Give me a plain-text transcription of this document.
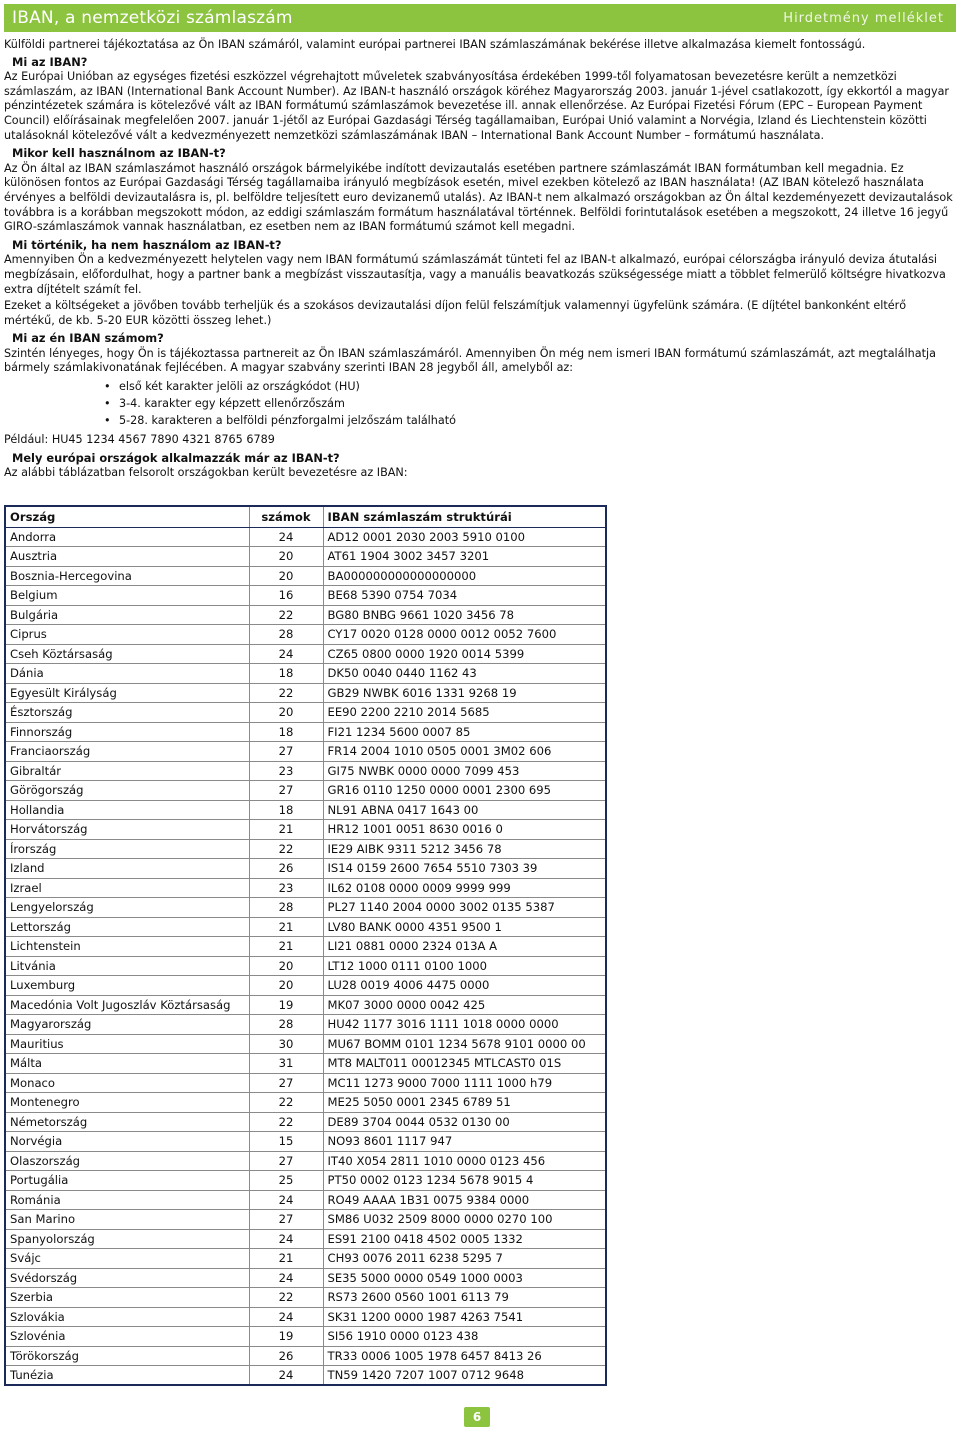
IBAN, a nemzetközi számlaszám	Hirdetmény melléklet

Külföldi partnerei tájékoztatása az Ön IBAN számáról, valamint európai partnerei IBAN számlaszámának bekérése illetve alkalmazása kiemelt fontosságú.

Mi az IBAN?

Az Európai Unióban az egységes fizetési eszközzel végrehajtott műveletek szabványosítása érdekében 1999-től folyamatosan bevezetésre került a nemzetközi számlaszám, az IBAN (International Bank Account Number). Az IBAN-t használó országok köréhez Magyarország 2003. január 1-jével csatlakozott, így ekkortól a magyar pénzintézetek számára is kötelezővé vált az IBAN formátumú számlaszámok bevezetése ill. annak ellenőrzése. Az Európai Fizetési Fórum (EPC – European Payment Council) előírásainak megfelelően 2007. január 1-jétől az Európai Gazdasági Térség tagállamaiban, Európai Unió valamint a Norvégia, Izland és Liechtenstein közötti utalásoknál kötelezővé vált a kedvezményezett nemzetközi számlaszámának IBAN – International Bank Account Number – formátumú használata.

Mikor kell használnom az IBAN-t?

Az Ön által az IBAN számlaszámot használó országok bármelyikébe indított devizautalás esetében partnere számlaszámát IBAN formátumban kell megadnia. Ez különösen fontos az Európai Gazdasági Térség tagállamaiba irányuló megbízások esetén, mivel ezekben kötelező az IBAN használata! (AZ IBAN kötelező használata érvényes a belföldi devizautalásra is, pl. belföldre teljesített euro devizanemű utalás). Az IBAN-t nem alkalmazó országokban az Ön által kezdeményezett devizautalások továbbra is a korábban megszokott módon, az eddigi számlaszám formátum használatával történnek. Belföldi forintutalások esetében a megszokott, 24 illetve 16 jegyű GIRO-számlaszámok vannak használatban, ez esetben nem az IBAN formátumú számot kell megadni.

Mi történik, ha nem használom az IBAN-t?

Amennyiben Ön a kedvezményezett helytelen vagy nem IBAN formátumú számlaszámát tünteti fel az IBAN-t alkalmazó, európai célországba irányuló deviza átutalási megbízásain, előfordulhat, hogy a partner bank a megbízást visszautasítja, vagy a manuális beavatkozás szükségessége miatt a többlet felmerülő költségre hivatkozva extra díjtételt számít fel.

Ezeket a költségeket a jövőben tovább terheljük és a szokásos devizautalási díjon felül felszámítjuk valamennyi ügyfelünk számára. (E díjtétel bankonként eltérő mértékű, de kb. 5-20 EUR közötti összeg lehet.)

Mi az én IBAN számom?

Szintén lényeges, hogy Ön is tájékoztassa partnereit az Ön IBAN számlaszámáról. Amennyiben Ön még nem ismeri IBAN formátumú számlaszámát, azt megtalálhatja bármely számlakivonatának fejlécében. A magyar szabvány szerinti IBAN 28 jegyből áll, amelyből az:

• első két karakter jelöli az országkódot (HU)
• 3-4. karakter egy képzett ellenőrzőszám
• 5-28. karakteren a belföldi pénzforgalmi jelzőszám található

Például: HU45 1234 4567 7890 4321 8765 6789

Mely európai országok alkalmazzák már az IBAN-t?

Az alábbi táblázatban felsorolt országokban került bevezetésre az IBAN:

Ország	számok	IBAN számlaszám struktúrái
Andorra	24	AD12 0001 2030 2003 5910 0100
Ausztria	20	AT61 1904 3002 3457 3201
Bosznia-Hercegovina	20	BA000000000000000000
Belgium	16	BE68 5390 0754 7034
Bulgária	22	BG80 BNBG 9661 1020 3456 78
Ciprus	28	CY17 0020 0128 0000 0012 0052 7600
Cseh Köztársaság	24	CZ65 0800 0000 1920 0014 5399
Dánia	18	DK50 0040 0440 1162 43
Egyesült Királyság	22	GB29 NWBK 6016 1331 9268 19
Észtország	20	EE90 2200 2210 2014 5685
Finnország	18	FI21 1234 5600 0007 85
Franciaország	27	FR14 2004 1010 0505 0001 3M02 606
Gibraltár	23	GI75 NWBK 0000 0000 7099 453
Görögország	27	GR16 0110 1250 0000 0001 2300 695
Hollandia	18	NL91 ABNA 0417 1643 00
Horvátország	21	HR12 1001 0051 8630 0016 0
Írország	22	IE29 AIBK 9311 5212 3456 78
Izland	26	IS14 0159 2600 7654 5510 7303 39
Izrael	23	IL62 0108 0000 0009 9999 999
Lengyelország	28	PL27 1140 2004 0000 3002 0135 5387
Lettország	21	LV80 BANK 0000 4351 9500 1
Lichtenstein	21	LI21 0881 0000 2324 013A A
Litvánia	20	LT12 1000 0111 0100 1000
Luxemburg	20	LU28 0019 4006 4475 0000
Macedónia Volt Jugoszláv Köztársaság	19	MK07 3000 0000 0042 425
Magyarország	28	HU42 1177 3016 1111 1018 0000 0000
Mauritius	30	MU67 BOMM 0101 1234 5678 9101 0000 00
Málta	31	MT8 MALT011 00012345 MTLCAST0 01S
Monaco	27	MC11 1273 9000 7000 1111 1000 h79
Montenegro	22	ME25 5050 0001 2345 6789 51
Németország	22	DE89 3704 0044 0532 0130 00
Norvégia	15	NO93 8601 1117 947
Olaszország	27	IT40 X054 2811 1010 0000 0123 456
Portugália	25	PT50 0002 0123 1234 5678 9015 4
Románia	24	RO49 AAAA 1B31 0075 9384 0000
San Marino	27	SM86 U032 2509 8000 0000 0270 100
Spanyolország	24	ES91 2100 0418 4502 0005 1332
Svájc	21	CH93 0076 2011 6238 5295 7
Svédország	24	SE35 5000 0000 0549 1000 0003
Szerbia	22	RS73 2600 0560 1001 6113 79
Szlovákia	24	SK31 1200 0000 1987 4263 7541
Szlovénia	19	SI56 1910 0000 0123 438
Törökország	26	TR33 0006 1005 1978 6457 8413 26
Tunézia	24	TN59 1420 7207 1007 0712 9648
6
